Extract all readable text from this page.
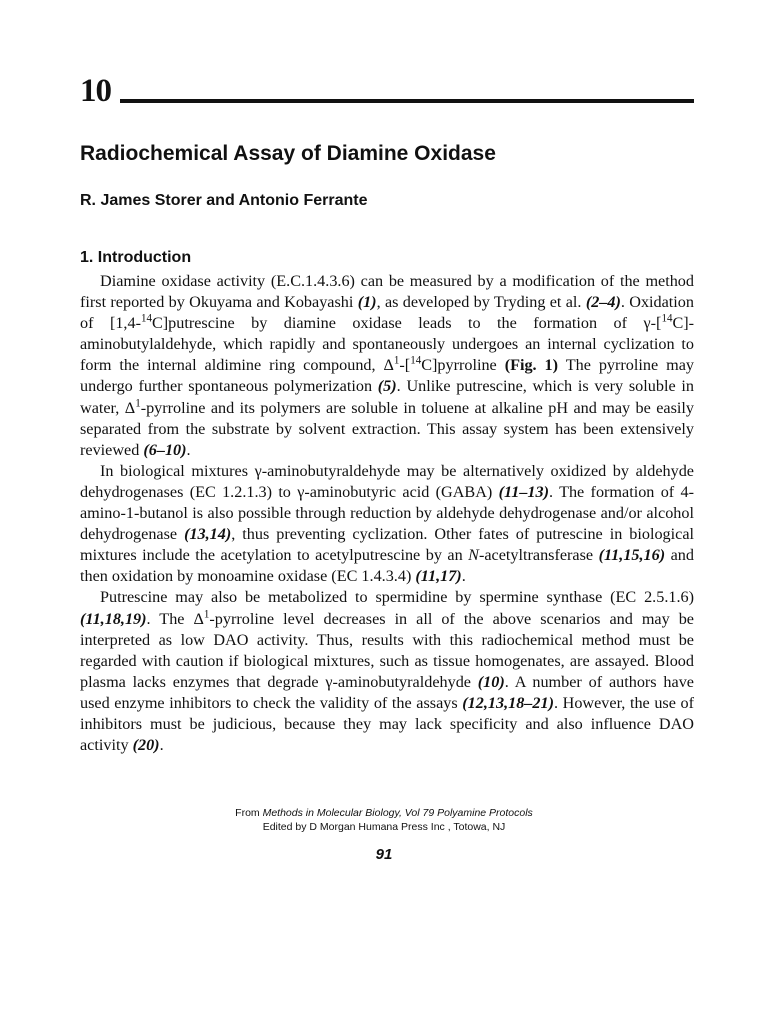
10
Radiochemical Assay of Diamine Oxidase
R. James Storer and Antonio Ferrante
1. Introduction

Diamine oxidase activity (E.C.1.4.3.6) can be measured by a modification of the method first reported by Okuyama and Kobayashi (1), as developed by Tryding et al. (2–4). Oxidation of [1,4-$^{14}$C]putrescine by diamine oxidase leads to the formation of γ-[$^{14}$C]-aminobutylaldehyde, which rapidly and spontaneously undergoes an internal cyclization to form the internal aldimine ring compound, $\Delta^1-[^{14}C]pyrroline$ (Fig. 1) The pyrroline may undergo further spontaneous polymerization (5). Unlike putrescine, which is very soluble in water, $\Delta^1$-pyrroline and its polymers are soluble in toluene at alkaline pH and may be easily separated from the substrate by solvent extraction. This assay system has been extensively reviewed (6–10).

In biological mixtures γ-aminobutyraldehyde may be alternatively oxidized by aldehyde dehydrogenases (EC 1.2.1.3) to γ-aminobutyric acid (GABA) (11–13). The formation of 4-amino-1-butanol is also possible through reduction by aldehyde dehydrogenase and/or alcohol dehydrogenase (13,14), thus preventing cyclization. Other fates of putrescine in biological mixtures include the acetylation to acetylputrescine by an N-acetyltransferase (11,15,16) and then oxidation by monoamine oxidase (EC 1.4.3.4) (11,17).

Putrescine may also be metabolized to spermidine by spermine synthase (EC 2.5.1.6) (11,18,19). The $\Delta^1$-pyrroline level decreases in all of the above scenarios and may be interpreted as low DAO activity. Thus, results with this radiochemical method must be regarded with caution if biological mixtures, such as tissue homogenates, are assayed. Blood plasma lacks enzymes that degrade γ-aminobutyraldehyde (10). A number of authors have used enzyme inhibitors to check the validity of the assays (12,13,18–21). However, the use of inhibitors must be judicious, because they may lack specificity and also influence DAO activity (20).

From Methods in Molecular Biology, Vol 79 Polyamine Protocols
Edited by D Morgan Humana Press Inc , Totowa, NJ
91
